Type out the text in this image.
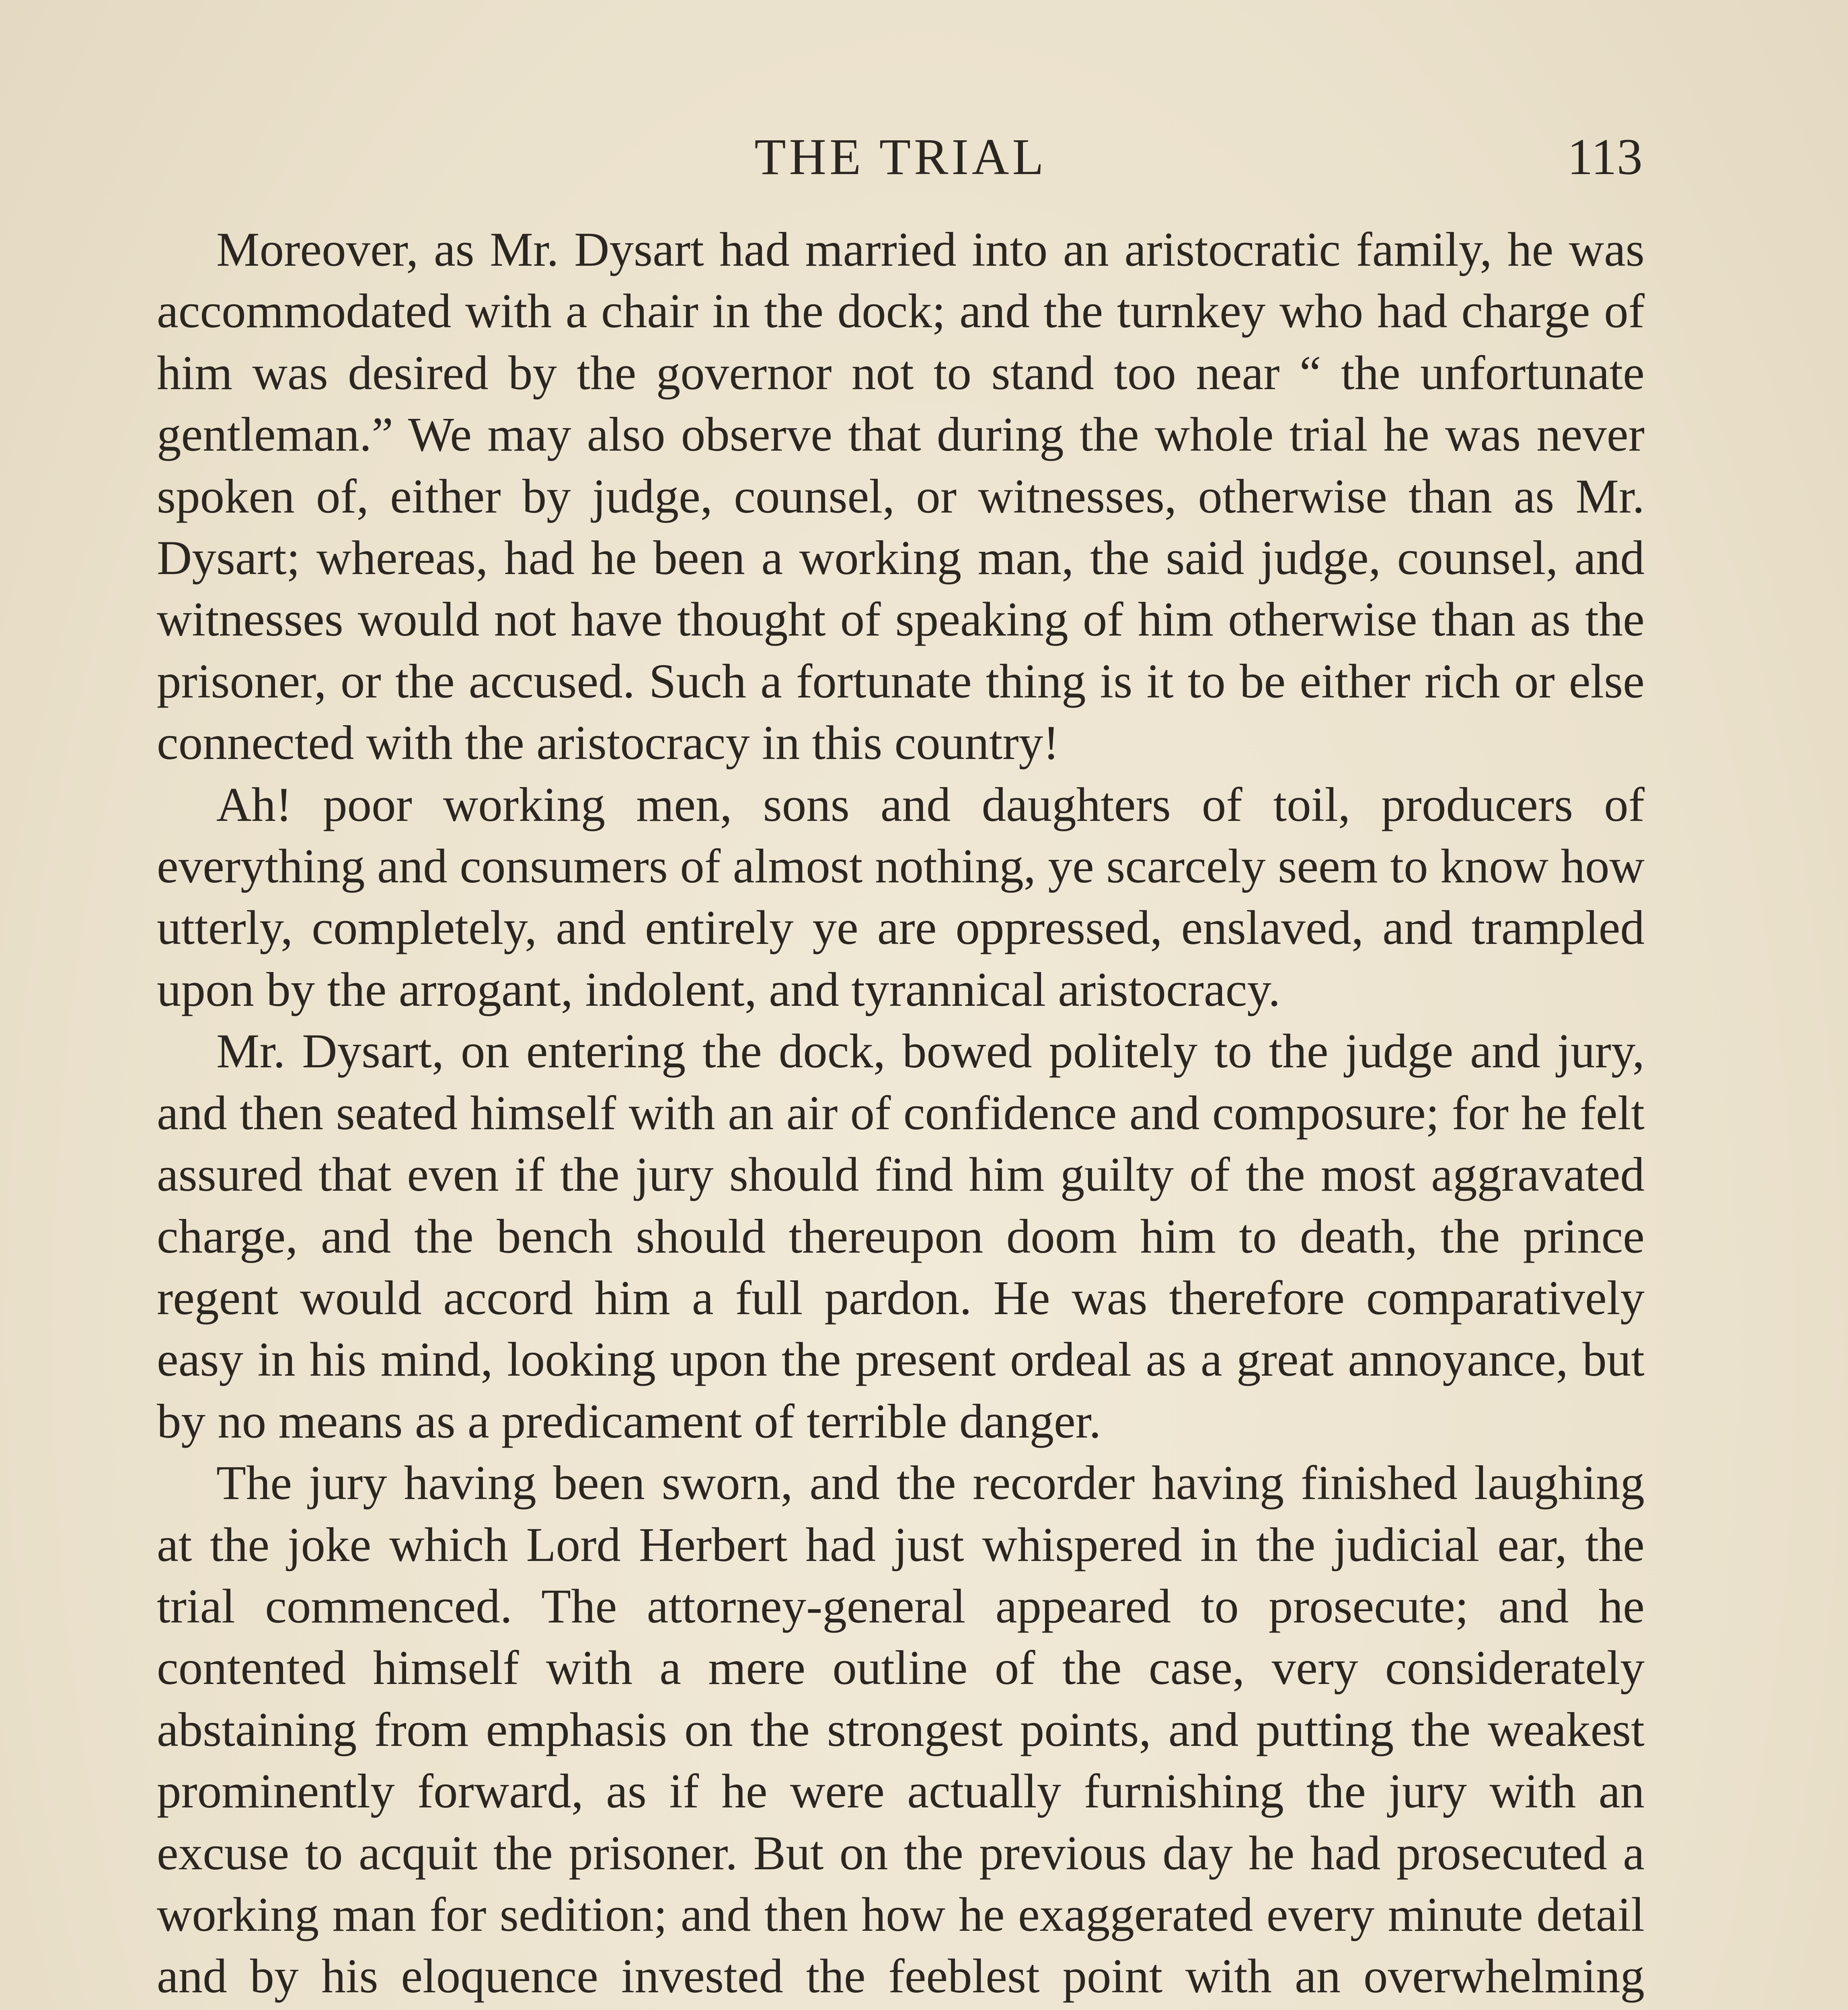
THE TRIAL	113

Moreover, as Mr. Dysart had married into an aristocratic family, he was accommodated with a chair in the dock; and the turnkey who had charge of him was desired by the governor not to stand too near “ the unfortunate gentleman.” We may also observe that during the whole trial he was never spoken of, either by judge, counsel, or witnesses, otherwise than as Mr. Dysart; whereas, had he been a working man, the said judge, counsel, and witnesses would not have thought of speaking of him otherwise than as the prisoner, or the accused. Such a fortunate thing is it to be either rich or else connected with the aristocracy in this country!

Ah! poor working men, sons and daughters of toil, producers of everything and consumers of almost nothing, ye scarcely seem to know how utterly, completely, and entirely ye are oppressed, enslaved, and trampled upon by the arrogant, indolent, and tyrannical aristocracy.

Mr. Dysart, on entering the dock, bowed politely to the judge and jury, and then seated himself with an air of confidence and composure; for he felt assured that even if the jury should find him guilty of the most aggravated charge, and the bench should thereupon doom him to death, the prince regent would accord him a full pardon. He was therefore comparatively easy in his mind, looking upon the present ordeal as a great annoyance, but by no means as a predicament of terrible danger.

The jury having been sworn, and the recorder having finished laughing at the joke which Lord Herbert had just whispered in the judicial ear, the trial commenced. The attorney-general appeared to prosecute; and he contented himself with a mere outline of the case, very considerately abstaining from emphasis on the strongest points, and putting the weakest prominently forward, as if he were actually furnishing the jury with an excuse to acquit the prisoner. But on the previous day he had prosecuted a working man for sedition; and then how he exaggerated every minute detail and by his eloquence invested the feeblest point with an overwhelming
